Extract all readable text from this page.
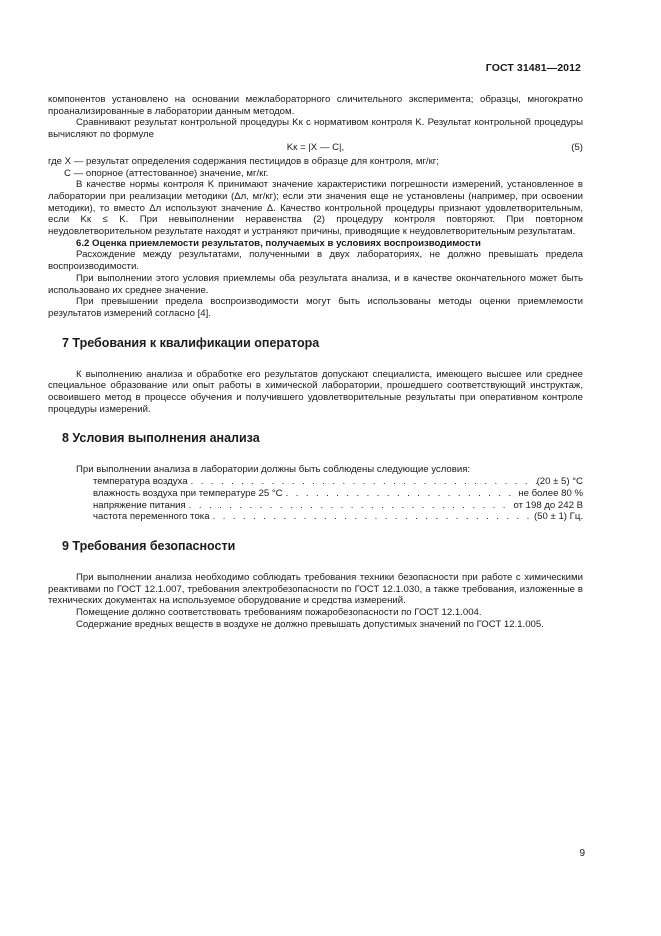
ГОСТ 31481—2012

компонентов установлено на основании межлабораторного сличительного эксперимента; образцы, многократно проанализированные в лаборатории данным методом.

Сравнивают результат контрольной процедуры Kк с нормативом контроля K. Результат контрольной процедуры вычисляют по формуле

Kк = |X — C|,	(5)

где X — результат определения содержания пестицидов в образце для контроля, мг/кг;

C — опорное (аттестованное) значение, мг/кг.

В качестве нормы контроля K принимают значение характеристики погрешности измерений, установленное в лаборатории при реализации методики (Δл, мг/кг); если эти значения еще не установлены (например, при освоении методики), то вместо Δл используют значение Δ. Качество контрольной процедуры признают удовлетворительным, если Kк ≤ K. При невыполнении неравенства (2) процедуру контроля повторяют. При повторном неудовлетворительном результате находят и устраняют причины, приводящие к неудовлетворительным результатам.

6.2 Оценка приемлемости результатов, получаемых в условиях воспроизводимости

Расхождение между результатами, полученными в двух лабораториях, не должно превышать предела воспроизводимости.

При выполнении этого условия приемлемы оба результата анализа, и в качестве окончательного может быть использовано их среднее значение.

При превышении предела воспроизводимости могут быть использованы методы оценки приемлемости результатов измерений согласно [4].

7 Требования к квалификации оператора

К выполнению анализа и обработке его результатов допускают специалиста, имеющего высшее или среднее специальное образование или опыт работы в химической лаборатории, прошедшего соответствующий инструктаж, освоившего метод в процессе обучения и получившего удовлетворительные результаты при оперативном контроле процедуры измерений.

8 Условия выполнения анализа

При выполнении анализа в лаборатории должны быть соблюдены следующие условия:

температура воздуха . . .	(20 ± 5) °С
влажность воздуха при температуре 25 °С . . .	не более 80 %
напряжение питания . . .	от 198 до 242 В
частота переменного тока . . .	(50 ± 1) Гц.
9 Требования безопасности

При выполнении анализа необходимо соблюдать требования техники безопасности при работе с химическими реактивами по ГОСТ 12.1.007, требования электробезопасности по ГОСТ 12.1.030, а также требования, изложенные в технических документах на используемое оборудование и средства измерений.

Помещение должно соответствовать требованиям пожаробезопасности по ГОСТ 12.1.004.

Содержание вредных веществ в воздухе не должно превышать допустимых значений по ГОСТ 12.1.005.

9
